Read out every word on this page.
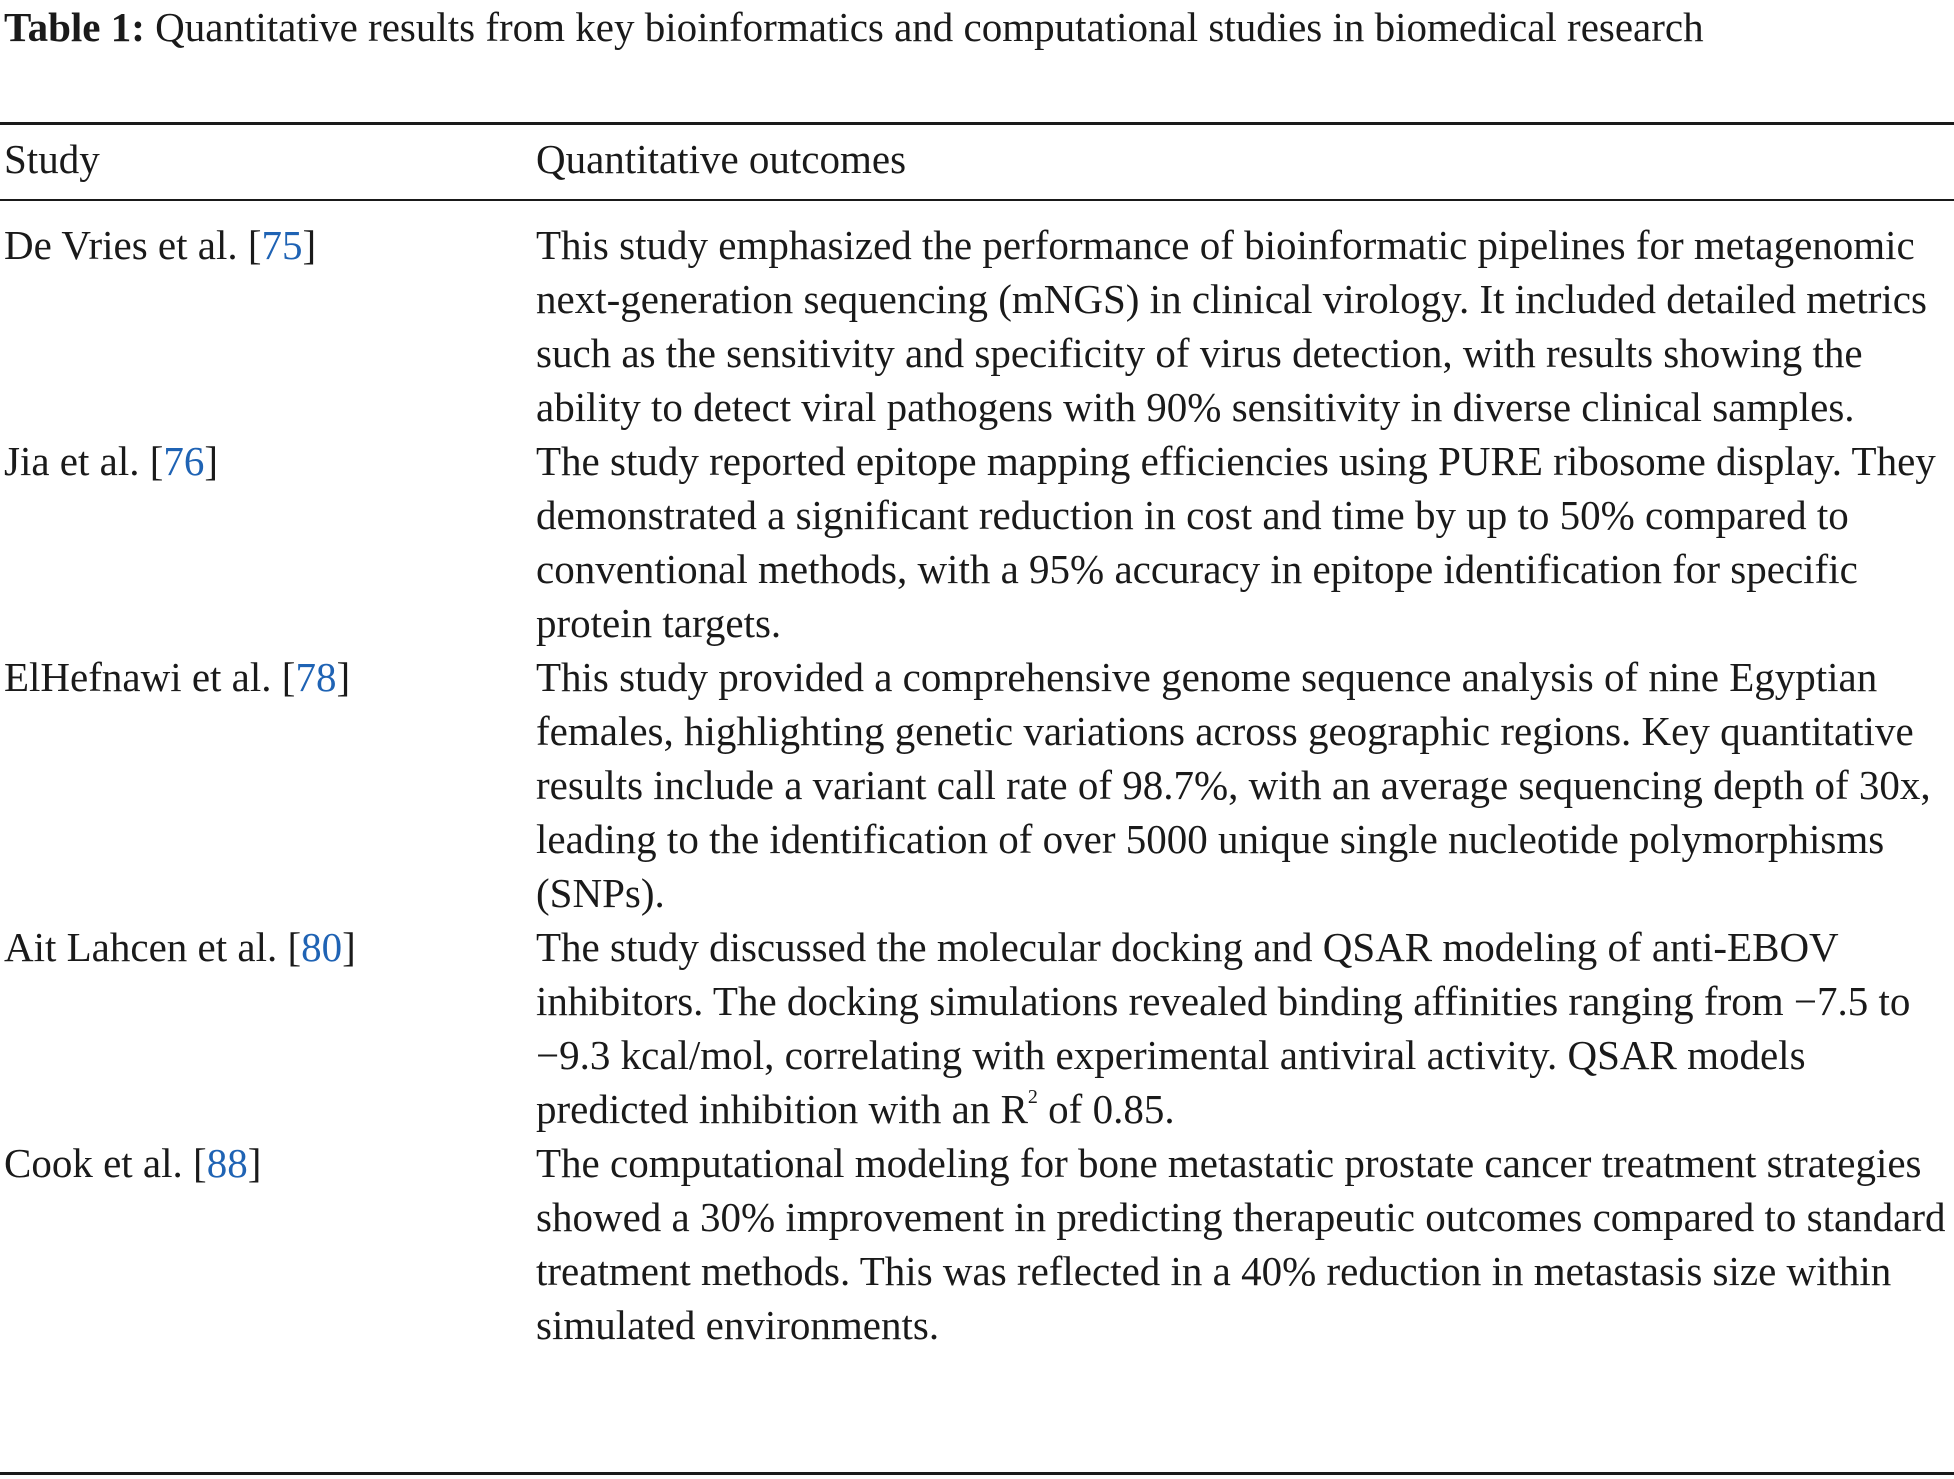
Table 1: Quantitative results from key bioinformatics and computational studies in biomedical research
Study	Quantitative outcomes
De Vries et al. [75]	This study emphasized the performance of bioinformatic pipelines for metagenomic next-generation sequencing (mNGS) in clinical virology. It included detailed metrics such as the sensitivity and specificity of virus detection, with results showing the ability to detect viral pathogens with 90% sensitivity in diverse clinical samples.
Jia et al. [76]	The study reported epitope mapping efficiencies using PURE ribosome display. They demonstrated a significant reduction in cost and time by up to 50% compared to conventional methods, with a 95% accuracy in epitope identification for specific protein targets.
ElHefnawi et al. [78]	This study provided a comprehensive genome sequence analysis of nine Egyptian females, highlighting genetic variations across geographic regions. Key quantitative results include a variant call rate of 98.7%, with an average sequencing depth of 30x, leading to the identification of over 5000 unique single nucleotide polymorphisms (SNPs).
Ait Lahcen et al. [80]	The study discussed the molecular docking and QSAR modeling of anti-EBOV inhibitors. The docking simulations revealed binding affinities ranging from −7.5 to −9.3 kcal/mol, correlating with experimental antiviral activity. QSAR models predicted inhibition with an $R^2$ of 0.85.
Cook et al. [88]	The computational modeling for bone metastatic prostate cancer treatment strategies showed a 30% improvement in predicting therapeutic outcomes compared to standard treatment methods. This was reflected in a 40% reduction in metastasis size within simulated environments.
